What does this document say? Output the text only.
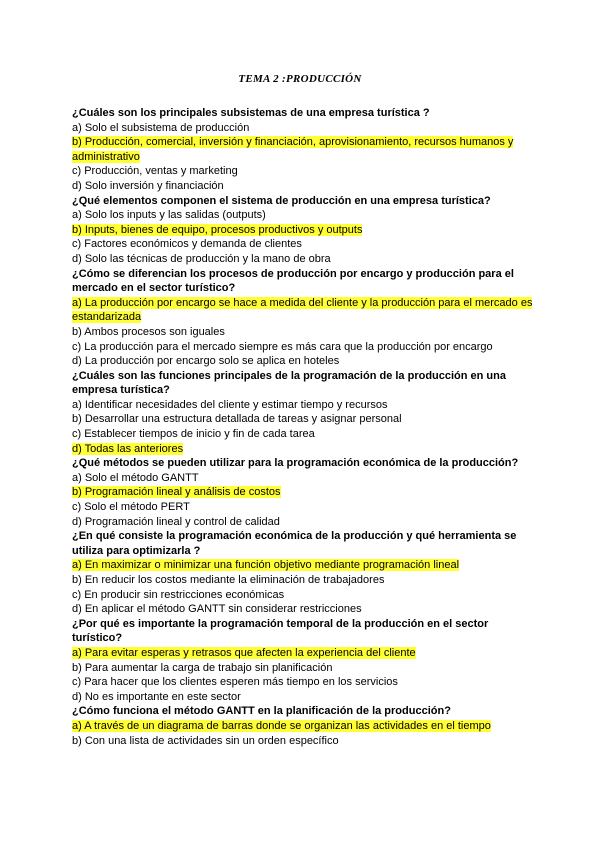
TEMA 2 :PRODUCCIÓN

¿Cuáles son los principales subsistemas de una empresa turística ?

a) Solo el subsistema de producción

b) Producción, comercial, inversión y financiación, aprovisionamiento, recursos humanos y administrativo

c) Producción, ventas y marketing

d) Solo inversión y financiación

¿Qué elementos componen el sistema de producción en una empresa turística?

a) Solo los inputs y las salidas (outputs)

b) Inputs, bienes de equipo, procesos productivos y outputs

c) Factores económicos y demanda de clientes

d) Solo las técnicas de producción y la mano de obra

¿Cómo se diferencian los procesos de producción por encargo y producción para el mercado en el sector turístico?

a) La producción por encargo se hace a medida del cliente y la producción para el mercado es estandarizada

b) Ambos procesos son iguales

c) La producción para el mercado siempre es más cara que la producción por encargo

d) La producción por encargo solo se aplica en hoteles

¿Cuáles son las funciones principales de la programación de la producción en una empresa turística?

a) Identificar necesidades del cliente y estimar tiempo y recursos

b) Desarrollar una estructura detallada de tareas y asignar personal

c) Establecer tiempos de inicio y fin de cada tarea

d) Todas las anteriores

¿Qué métodos se pueden utilizar para la programación económica de la producción?

a) Solo el método GANTT

b) Programación lineal y análisis de costos

c) Solo el método PERT

d) Programación lineal y control de calidad

¿En qué consiste la programación económica de la producción y qué herramienta se utiliza para optimizarla ?

a) En maximizar o minimizar una función objetivo mediante programación lineal

b) En reducir los costos mediante la eliminación de trabajadores

c) En producir sin restricciones económicas

d) En aplicar el método GANTT sin considerar restricciones

¿Por qué es importante la programación temporal de la producción en el sector turístico?

a) Para evitar esperas y retrasos que afecten la experiencia del cliente

b) Para aumentar la carga de trabajo sin planificación

c) Para hacer que los clientes esperen más tiempo en los servicios

d) No es importante en este sector

¿Cómo funciona el método GANTT en la planificación de la producción?

a) A través de un diagrama de barras donde se organizan las actividades en el tiempo

b) Con una lista de actividades sin un orden específico
